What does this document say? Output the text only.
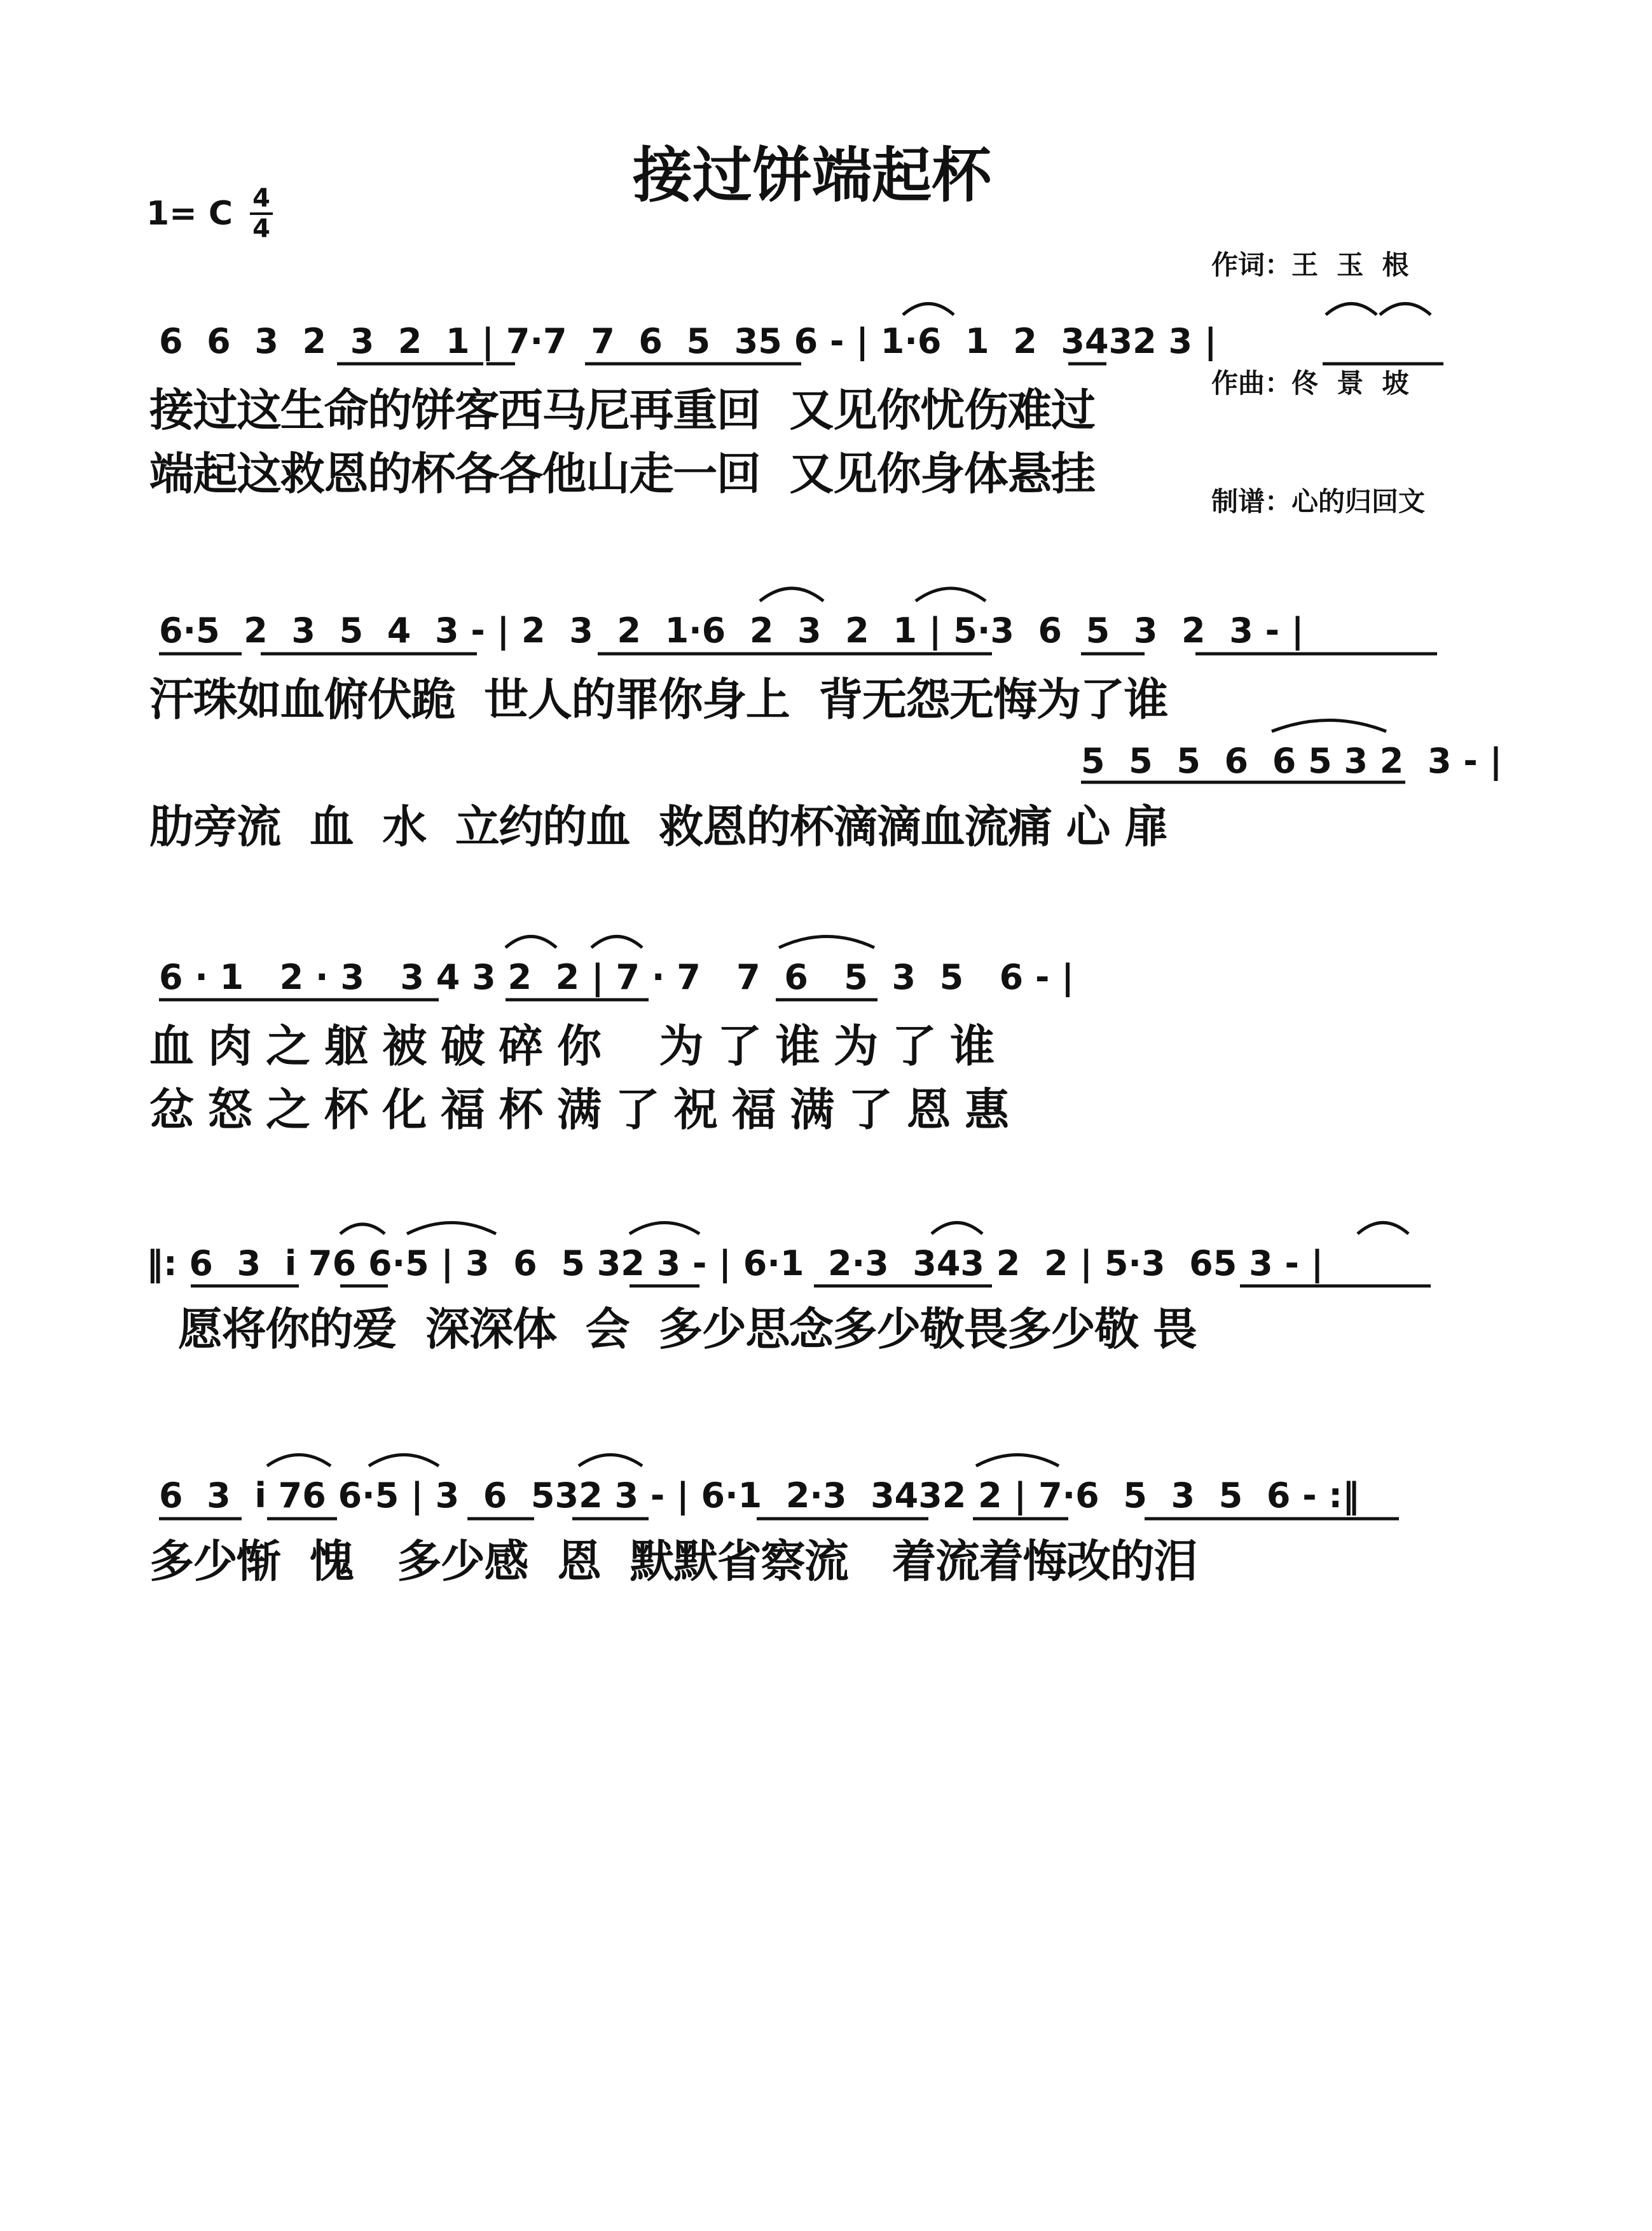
接过饼端起杯

作词：王  玉  根

作曲：佟  景  坡

制谱：心的归回文

1= C 4
4
6  6  3  2  3  2  1 | 7·7  7  6  5  35 6 - | 1·6  1  2  3432 3 |
接过这生命的饼客西马尼再重回  又见你忧伤难过
端起这救恩的杯各各他山走一回  又见你身体悬挂
6·5  2  3  5  4  3 - | 2  3  2  1·6  2  3  2  1 | 5·3  6  5  3  2  3 - |
汗珠如血俯伏跪  世人的罪你身上  背无怨无悔为了谁
5  5  5  6  6 5 3 2  3 - |
肋旁流  血  水  立约的血  救恩的杯滴滴血流痛 心 扉
6 · 1   2 · 3   3 4 3 2  2 | 7 · 7   7  6   5  3  5   6 - |
血 肉 之 躯 被 破 碎 你    为 了 谁 为 了 谁
忿 怒 之 杯 化 福 杯 满 了 祝 福 满 了 恩 惠
‖: 6  3  i 76 6·5 | 3  6  5 32 3 - | 6·1  2·3  343 2  2 | 5·3  65 3 - |
愿将你的爱  深深体  会  多少思念多少敬畏多少敬 畏
6  3  i 76 6·5 | 3  6  532 3 - | 6·1  2·3  3432 2 | 7·6  5  3  5  6 - :‖
多少惭  愧   多少感  恩  默默省察流   着流着悔改的泪
